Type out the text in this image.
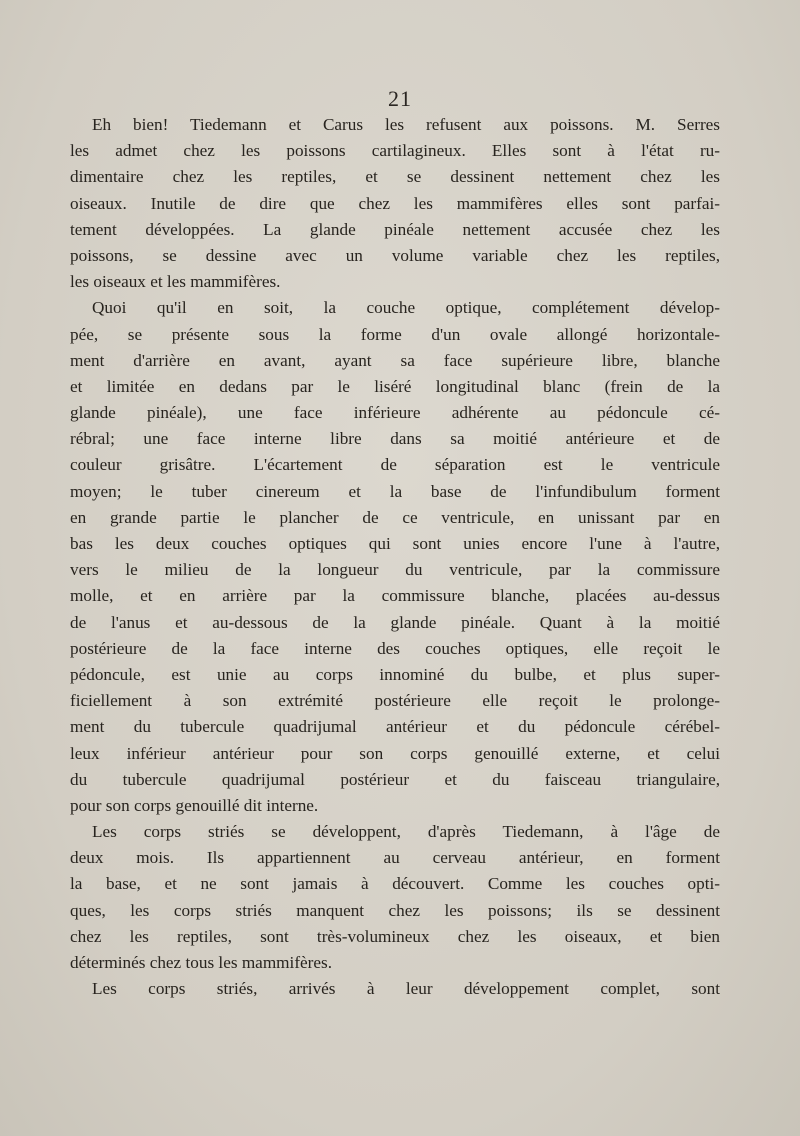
21
Eh bien! Tiedemann et Carus les refusent aux poissons. M. Serres
les admet chez les poissons cartilagineux. Elles sont à l'état ru-
dimentaire chez les reptiles, et se dessinent nettement chez les
oiseaux. Inutile de dire que chez les mammifères elles sont parfai-
tement développées. La glande pinéale nettement accusée chez les
poissons, se dessine avec un volume variable chez les reptiles,
les oiseaux et les mammifères.
Quoi qu'il en soit, la couche optique, complétement dévelop-
pée, se présente sous la forme d'un ovale allongé horizontale-
ment d'arrière en avant, ayant sa face supérieure libre, blanche
et limitée en dedans par le liséré longitudinal blanc (frein de la
glande pinéale), une face inférieure adhérente au pédoncule cé-
rébral; une face interne libre dans sa moitié antérieure et de
couleur grisâtre. L'écartement de séparation est le ventricule
moyen; le tuber cinereum et la base de l'infundibulum forment
en grande partie le plancher de ce ventricule, en unissant par en
bas les deux couches optiques qui sont unies encore l'une à l'autre,
vers le milieu de la longueur du ventricule, par la commissure
molle, et en arrière par la commissure blanche, placées au-dessus
de l'anus et au-dessous de la glande pinéale. Quant à la moitié
postérieure de la face interne des couches optiques, elle reçoit le
pédoncule, est unie au corps innominé du bulbe, et plus super-
ficiellement à son extrémité postérieure elle reçoit le prolonge-
ment du tubercule quadrijumal antérieur et du pédoncule cérébel-
leux inférieur antérieur pour son corps genouillé externe, et celui
du tubercule quadrijumal postérieur et du faisceau triangulaire,
pour son corps genouillé dit interne.
Les corps striés se développent, d'après Tiedemann, à l'âge de
deux mois. Ils appartiennent au cerveau antérieur, en forment
la base, et ne sont jamais à découvert. Comme les couches opti-
ques, les corps striés manquent chez les poissons; ils se dessinent
chez les reptiles, sont très-volumineux chez les oiseaux, et bien
déterminés chez tous les mammifères.
Les corps striés, arrivés à leur développement complet, sont
